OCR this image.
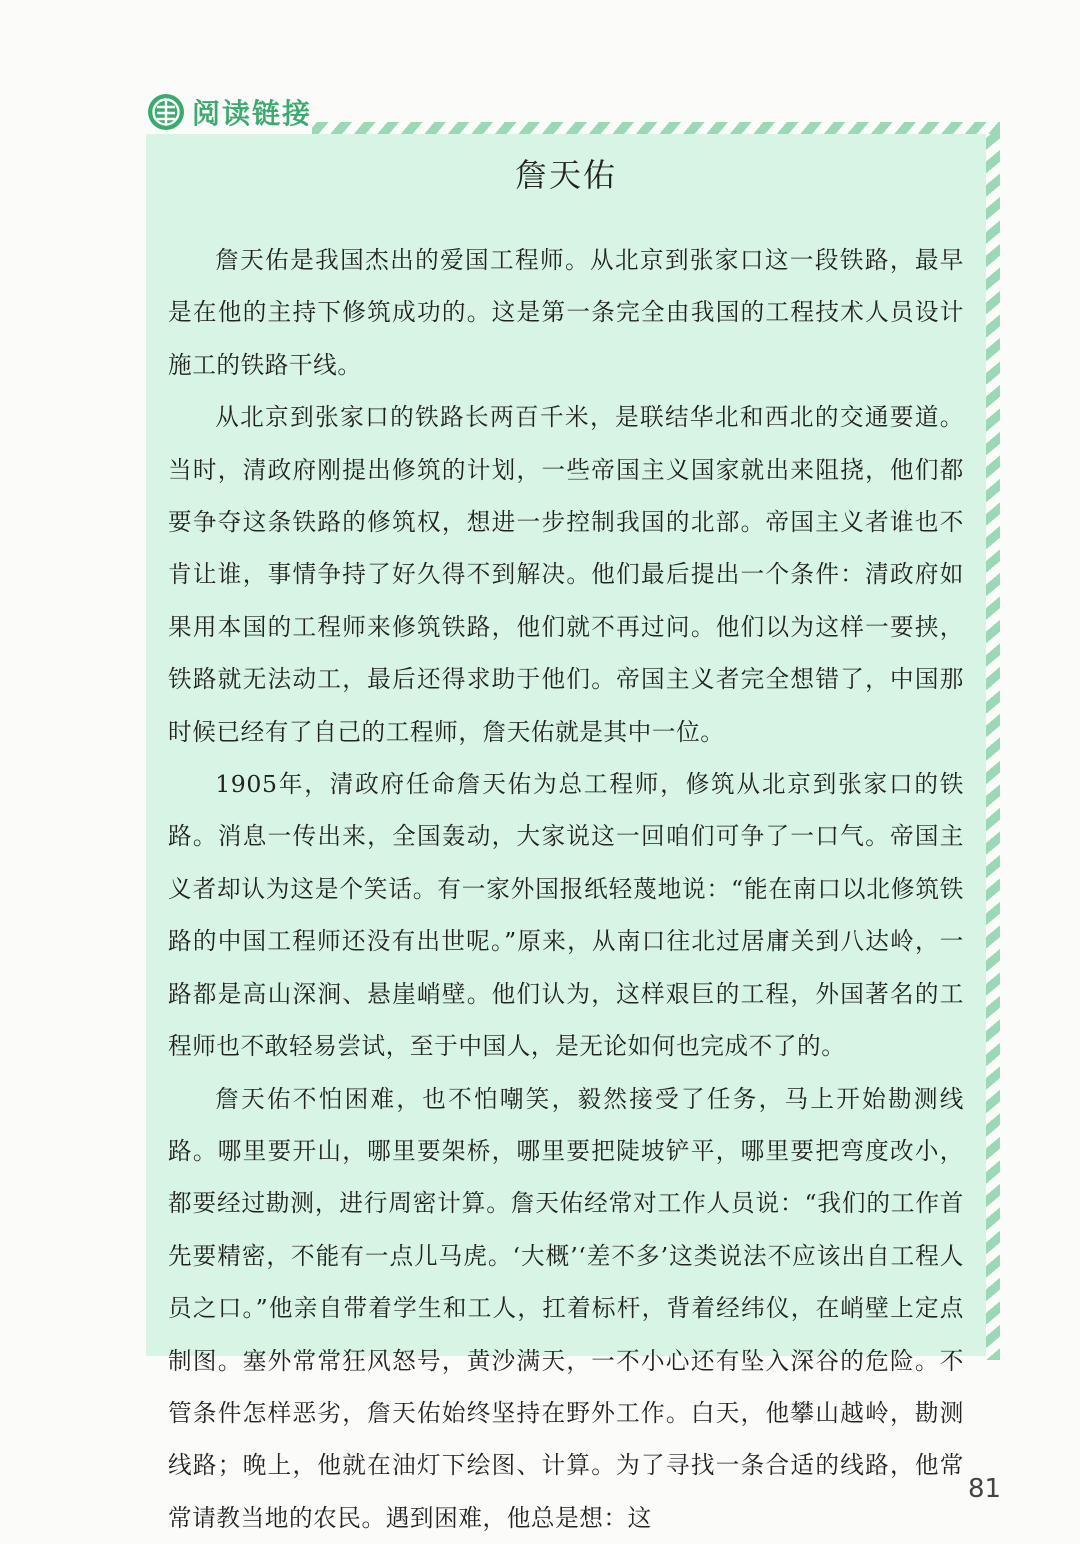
阅读链接
詹天佑

詹天佑是我国杰出的爱国工程师。从北京到张家口这一段铁路，最早是在他的主持下修筑成功的。这是第一条完全由我国的工程技术人员设计施工的铁路干线。

从北京到张家口的铁路长两百千米，是联结华北和西北的交通要道。当时，清政府刚提出修筑的计划，一些帝国主义国家就出来阻挠，他们都要争夺这条铁路的修筑权，想进一步控制我国的北部。帝国主义者谁也不肯让谁，事情争持了好久得不到解决。他们最后提出一个条件：清政府如果用本国的工程师来修筑铁路，他们就不再过问。他们以为这样一要挟，铁路就无法动工，最后还得求助于他们。帝国主义者完全想错了，中国那时候已经有了自己的工程师，詹天佑就是其中一位。

1905年，清政府任命詹天佑为总工程师，修筑从北京到张家口的铁路。消息一传出来，全国轰动，大家说这一回咱们可争了一口气。帝国主义者却认为这是个笑话。有一家外国报纸轻蔑地说：“能在南口以北修筑铁路的中国工程师还没有出世呢。”原来，从南口往北过居庸关到八达岭，一路都是高山深涧、悬崖峭壁。他们认为，这样艰巨的工程，外国著名的工程师也不敢轻易尝试，至于中国人，是无论如何也完成不了的。

詹天佑不怕困难，也不怕嘲笑，毅然接受了任务，马上开始勘测线路。哪里要开山，哪里要架桥，哪里要把陡坡铲平，哪里要把弯度改小，都要经过勘测，进行周密计算。詹天佑经常对工作人员说：“我们的工作首先要精密，不能有一点儿马虎。‘大概’‘差不多’这类说法不应该出自工程人员之口。”他亲自带着学生和工人，扛着标杆，背着经纬仪，在峭壁上定点制图。塞外常常狂风怒号，黄沙满天，一不小心还有坠入深谷的危险。不管条件怎样恶劣，詹天佑始终坚持在野外工作。白天，他攀山越岭，勘测线路；晚上，他就在油灯下绘图、计算。为了寻找一条合适的线路，他常常请教当地的农民。遇到困难，他总是想：这

81
